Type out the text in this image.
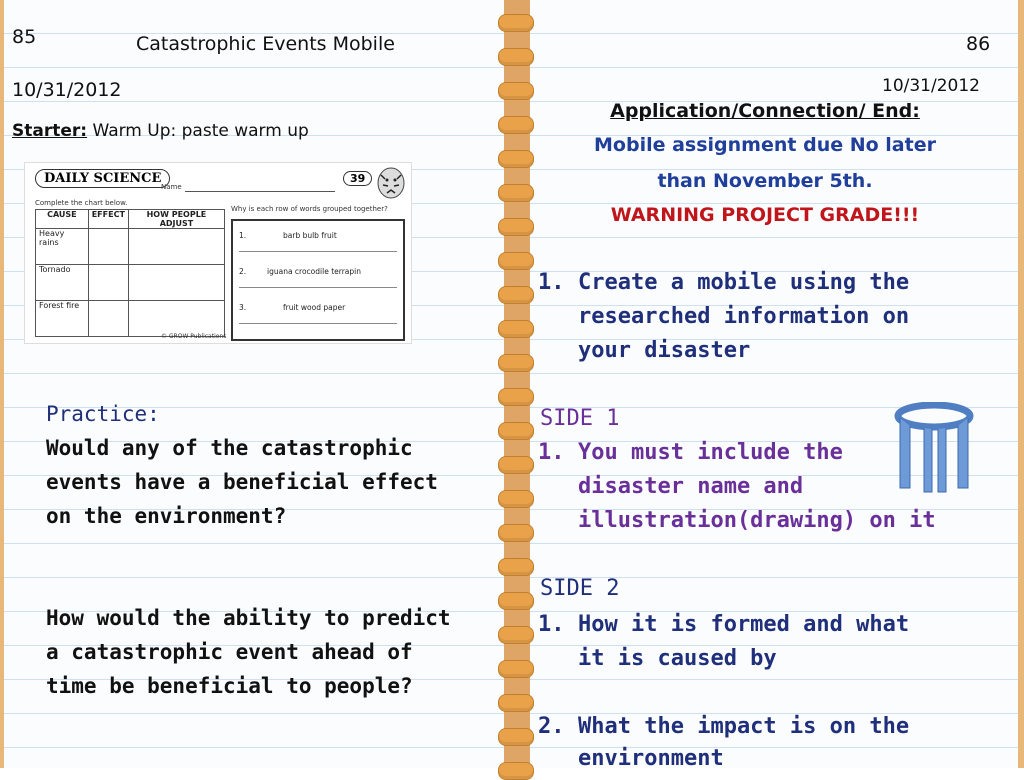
85	Catastrophic Events Mobile

10/31/2012

Starter: Warm Up: paste warm up

DAILY SCIENCE
Name
39
Complete the chart below.
CAUSE	EFFECT	HOW PEOPLE ADJUST
Heavy rains		
Tornado		
Forest fire		
Why is each row of words grouped together?
1.	barb bulb fruit
2.	iguana crocodile terrapin
3.	fruit wood paper
© GROW Publications

Practice:

Would any of the catastrophic

events have a beneficial effect

on the environment?

How would the ability to predict

a catastrophic event ahead of

time be beneficial to people?

86

10/31/2012

Application/Connection/ End:

Mobile assignment due No later

than November 5th.

WARNING PROJECT GRADE!!!

1. Create a mobile using the

researched information on

your disaster

SIDE 1

1. You must include the

disaster name and

illustration(drawing) on it

SIDE 2

1. How it is formed and what

it is caused by

2. What the impact is on the

environment
